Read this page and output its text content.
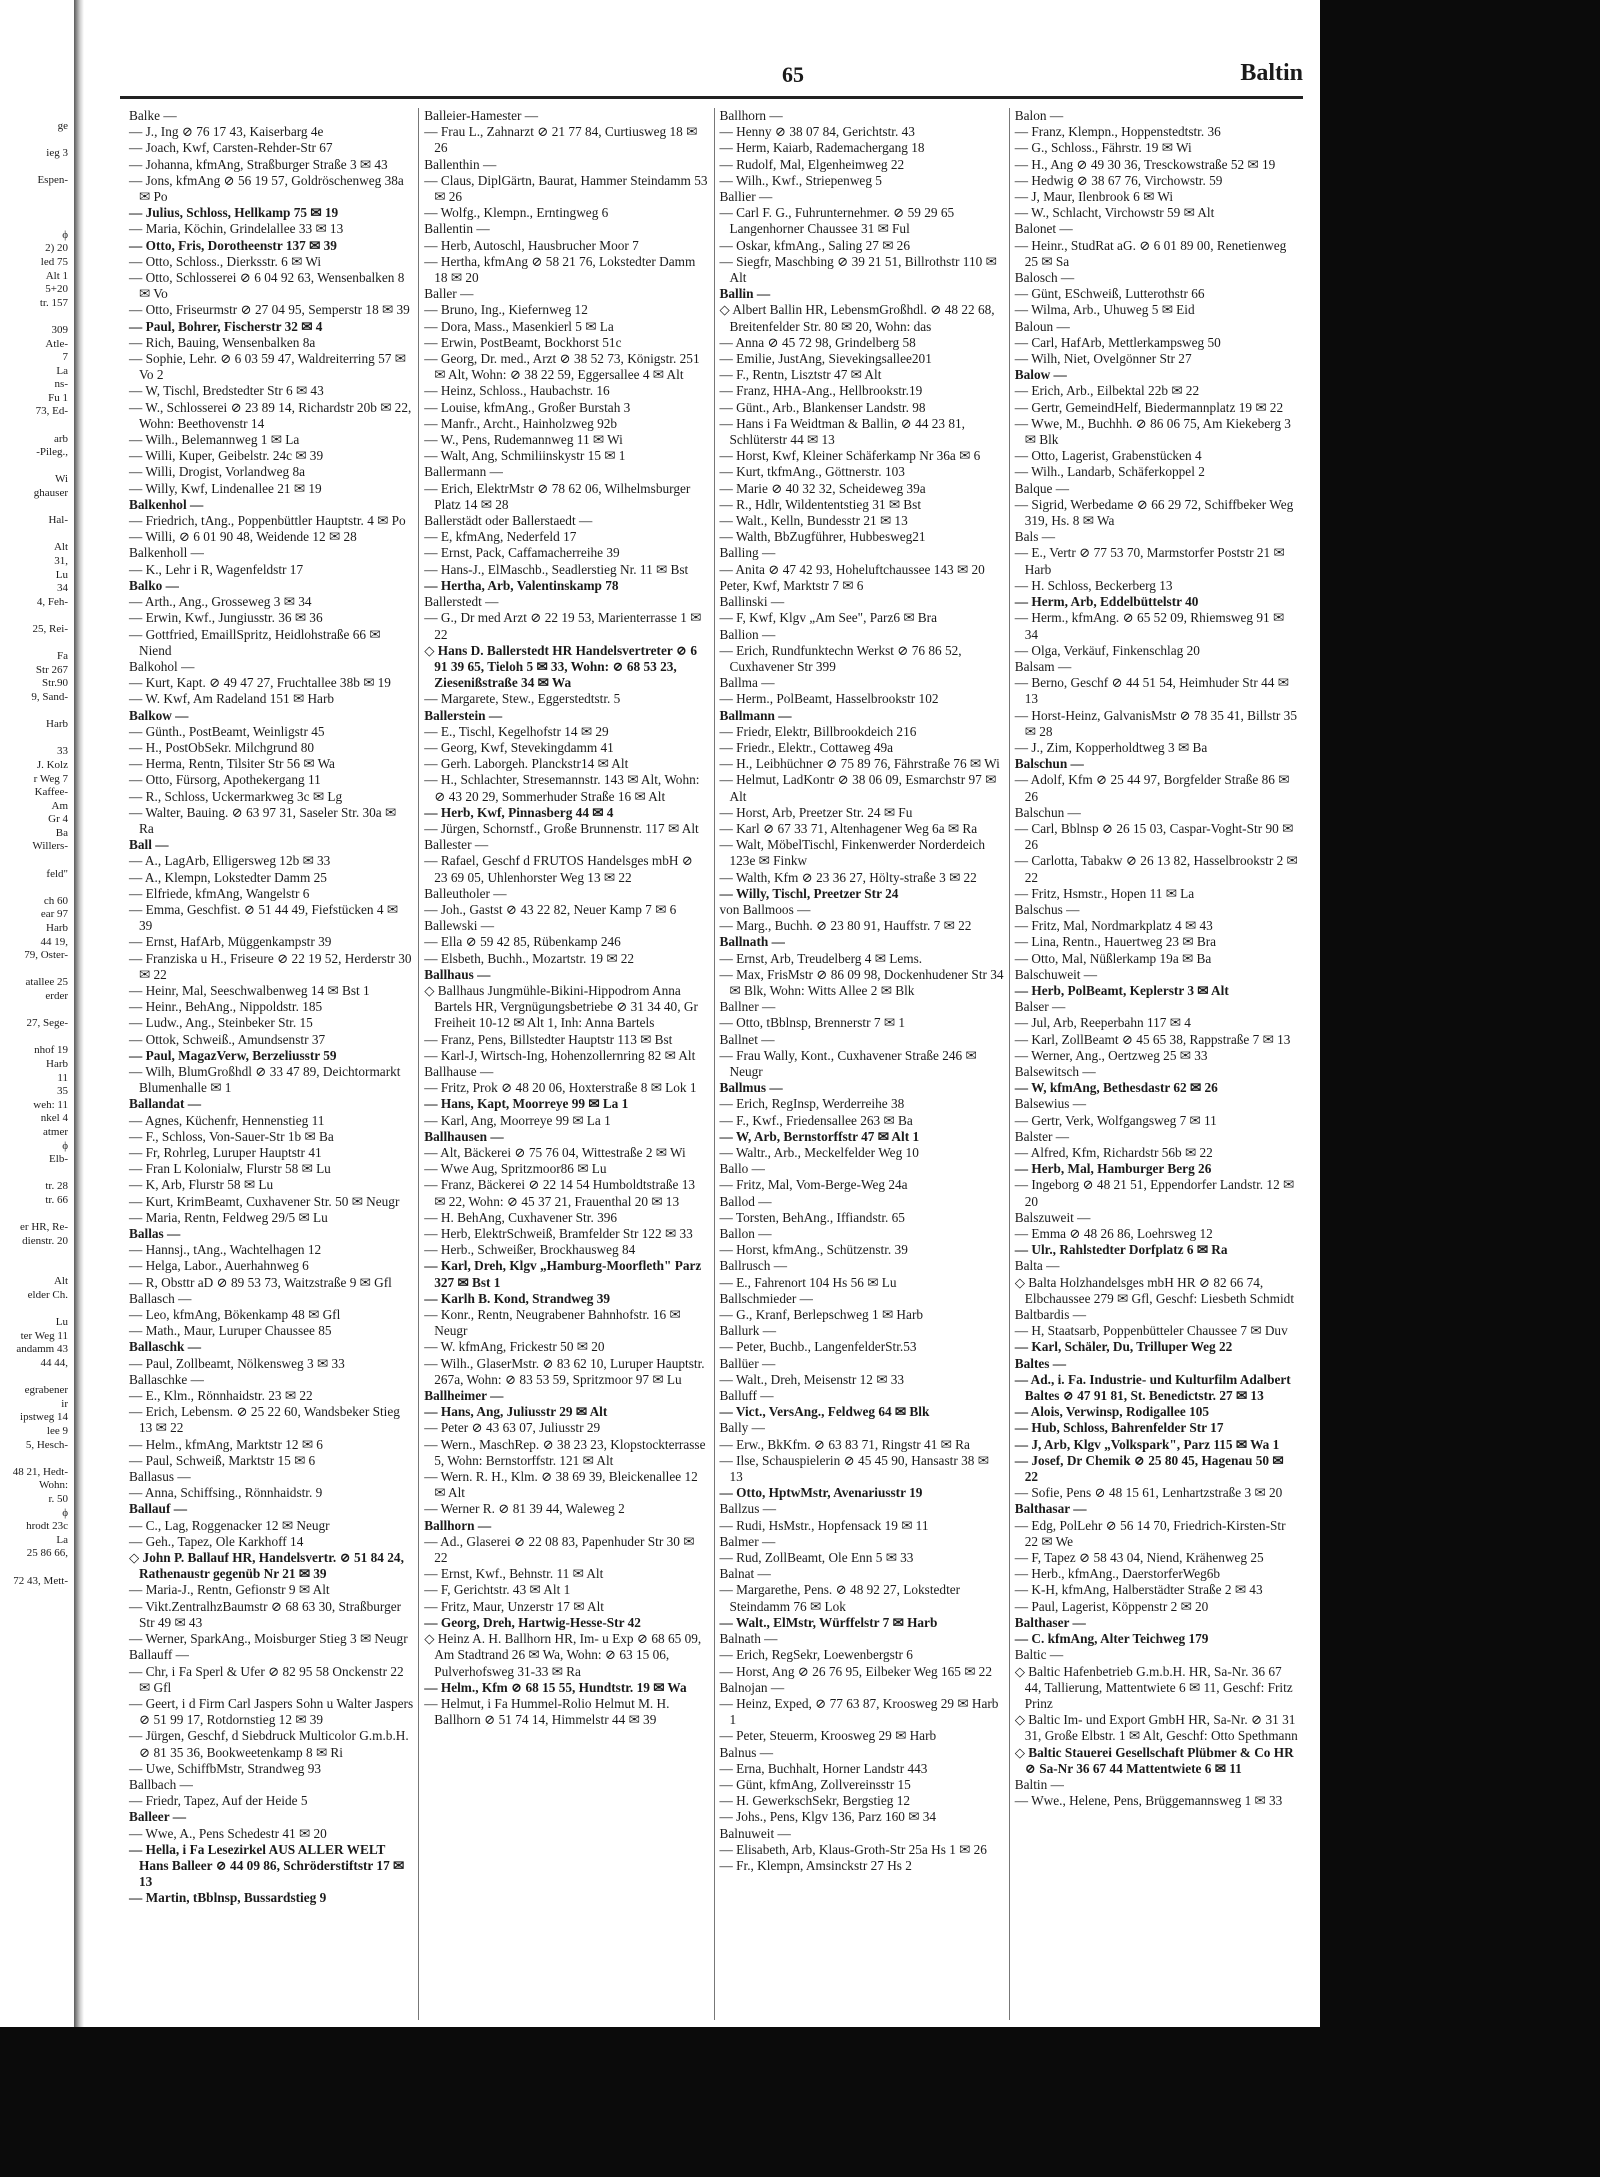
ge

ieg 3

Espen-

ϕ
2) 20
led 75
Alt 1
5+20
tr. 157

309
Atle-
7
La
ns-
Fu 1
73, Ed-

arb
-Pileg.,

Wi
ghauser

Hal-

Alt
31,
Lu
34
4, Feh-

25, Rei-

Fa
Str 267
Str.90
9, Sand-

Harb

33
J. Kolz
r Weg 7
Kaffee-
Am
Gr 4
Ba
Willers-

feld"

ch 60
ear 97
Harb
44 19,
79, Oster-

atallee 25
erder

27, Sege-

nhof 19
Harb
11
35
weh: 11
nkel 4
atmer
ϕ
Elb-

tr. 28
tr. 66

er HR, Re-
dienstr. 20

Alt
elder Ch.

Lu
ter Weg 11
andamm 43
44 44,

egrabener
ir
ipstweg 14
lee 9
5, Hesch-

48 21, Hedt-
Wohn:
r. 50
ϕ
hrodt 23c
La
25 86 66,

72 43, Mett-
65	Baltin
Balke —
— J., Ing ⊘ 76 17 43, Kaiserbarg 4e
— Joach, Kwf, Carsten-Rehder-Str 67
— Johanna, kfmAng, Straßburger Straße 3 ✉ 43
— Jons, kfmAng ⊘ 56 19 57, Goldröschenweg 38a ✉ Po
— Julius, Schloss, Hellkamp 75 ✉ 19
— Maria, Köchin, Grindelallee 33 ✉ 13
— Otto, Fris, Dorotheenstr 137 ✉ 39
— Otto, Schloss., Dierksstr. 6 ✉ Wi
— Otto, Schlosserei ⊘ 6 04 92 63, Wensenbalken 8 ✉ Vo
— Otto, Friseurmstr ⊘ 27 04 95, Semperstr 18 ✉ 39
— Paul, Bohrer, Fischerstr 32 ✉ 4
— Rich, Bauing, Wensenbalken 8a
— Sophie, Lehr. ⊘ 6 03 59 47, Waldreiterring 57 ✉ Vo 2
— W, Tischl, Bredstedter Str 6 ✉ 43
— W., Schlosserei ⊘ 23 89 14, Richardstr 20b ✉ 22, Wohn: Beethovenstr 14
— Wilh., Belemannweg 1 ✉ La
— Willi, Kuper, Geibelstr. 24c ✉ 39
— Willi, Drogist, Vorlandweg 8a
— Willy, Kwf, Lindenallee 21 ✉ 19
Balkenhol —
— Friedrich, tAng., Poppenbüttler Hauptstr. 4 ✉ Po
— Willi, ⊘ 6 01 90 48, Weidende 12 ✉ 28
Balkenholl —
— K., Lehr i R, Wagenfeldstr 17
Balko —
— Arth., Ang., Grosseweg 3 ✉ 34
— Erwin, Kwf., Jungiusstr. 36 ✉ 36
— Gottfried, EmaillSpritz, Heidlohstraße 66 ✉ Niend
Balkohol —
— Kurt, Kapt. ⊘ 49 47 27, Fruchtallee 38b ✉ 19
— W. Kwf, Am Radeland 151 ✉ Harb
Balkow —
— Günth., PostBeamt, Weinligstr 45
— H., PostObSekr. Milchgrund 80
— Herma, Rentn, Tilsiter Str 56 ✉ Wa
— Otto, Fürsorg, Apothekergang 11
— R., Schloss, Uckermarkweg 3c ✉ Lg
— Walter, Bauing. ⊘ 63 97 31, Saseler Str. 30a ✉ Ra
Ball —
— A., LagArb, Elligersweg 12b ✉ 33
— A., Klempn, Lokstedter Damm 25
— Elfriede, kfmAng, Wangelstr 6
— Emma, Geschfist. ⊘ 51 44 49, Fiefstücken 4 ✉ 39
— Ernst, HafArb, Müggenkampstr 39
— Franziska u H., Friseure ⊘ 22 19 52, Herderstr 30 ✉ 22
— Heinr, Mal, Seeschwalbenweg 14 ✉ Bst 1
— Heinr., BehAng., Nippoldstr. 185
— Ludw., Ang., Steinbeker Str. 15
— Ottok, Schweiß., Amundsenstr 37
— Paul, MagazVerw, Berzeliusstr 59
— Wilh, BlumGroßhdl ⊘ 33 47 89, Deichtormarkt Blumenhalle ✉ 1
Ballandat —
— Agnes, Küchenfr, Hennenstieg 11
— F., Schloss, Von-Sauer-Str 1b ✉ Ba
— Fr, Rohrleg, Luruper Hauptstr 41
— Fran L Kolonialw, Flurstr 58 ✉ Lu
— K, Arb, Flurstr 58 ✉ Lu
— Kurt, KrimBeamt, Cuxhavener Str. 50 ✉ Neugr
— Maria, Rentn, Feldweg 29/5 ✉ Lu
Ballas —
— Hannsj., tAng., Wachtelhagen 12
— Helga, Labor., Auerhahnweg 6
— R, Obsttr aD ⊘ 89 53 73, Waitzstraße 9 ✉ Gfl
Ballasch —
— Leo, kfmAng, Bökenkamp 48 ✉ Gfl
— Math., Maur, Luruper Chaussee 85
Ballaschk —
— Paul, Zollbeamt, Nölkensweg 3 ✉ 33
Ballaschke —
— E., Klm., Rönnhaidstr. 23 ✉ 22
— Erich, Lebensm. ⊘ 25 22 60, Wandsbeker Stieg 13 ✉ 22
— Helm., kfmAng, Marktstr 12 ✉ 6
— Paul, Schweiß, Marktstr 15 ✉ 6
Ballasus —
— Anna, Schiffsing., Rönnhaidstr. 9
Ballauf —
— C., Lag, Roggenacker 12 ✉ Neugr
— Geh., Tapez, Ole Karkhoff 14
◇ John P. Ballauf HR, Handelsvertr. ⊘ 51 84 24, Rathenaustr gegenüb Nr 21 ✉ 39
— Maria-J., Rentn, Gefionstr 9 ✉ Alt
— Vikt.ZentralhzBaumstr ⊘ 68 63 30, Straßburger Str 49 ✉ 43
— Werner, SparkAng., Moisburger Stieg 3 ✉ Neugr
Ballauff —
— Chr, i Fa Sperl & Ufer ⊘ 82 95 58 Onckenstr 22 ✉ Gfl
— Geert, i d Firm Carl Jaspers Sohn u Walter Jaspers ⊘ 51 99 17, Rotdornstieg 12 ✉ 39
— Jürgen, Geschf, d Siebdruck Multicolor G.m.b.H. ⊘ 81 35 36, Bookweetenkamp 8 ✉ Ri
— Uwe, SchiffbMstr, Strandweg 93
Ballbach —
— Friedr, Tapez, Auf der Heide 5
Balleer —
— Wwe, A., Pens Schedestr 41 ✉ 20
— Hella, i Fa Lesezirkel AUS ALLER WELT Hans Balleer ⊘ 44 09 86, Schröderstiftstr 17 ✉ 13
— Martin, tBblnsp, Bussardstieg 9
Balleier-Hamester —
— Frau L., Zahnarzt ⊘ 21 77 84, Curtiusweg 18 ✉ 26
Ballenthin —
— Claus, DiplGärtn, Baurat, Hammer Steindamm 53 ✉ 26
— Wolfg., Klempn., Erntingweg 6
Ballentin —
— Herb, Autoschl, Hausbrucher Moor 7
— Hertha, kfmAng ⊘ 58 21 76, Lokstedter Damm 18 ✉ 20
Baller —
— Bruno, Ing., Kiefernweg 12
— Dora, Mass., Masenkierl 5 ✉ La
— Erwin, PostBeamt, Bockhorst 51c
— Georg, Dr. med., Arzt ⊘ 38 52 73, Königstr. 251 ✉ Alt, Wohn: ⊘ 38 22 59, Eggersallee 4 ✉ Alt
— Heinz, Schloss., Haubachstr. 16
— Louise, kfmAng., Großer Burstah 3
— Manfr., Archt., Hainholzweg 92b
— W., Pens, Rudemannweg 11 ✉ Wi
— Walt, Ang, Schmiliinskystr 15 ✉ 1
Ballermann —
— Erich, ElektrMstr ⊘ 78 62 06, Wilhelmsburger Platz 14 ✉ 28
Ballerstädt oder Ballerstaedt —
— E, kfmAng, Nederfeld 17
— Ernst, Pack, Caffamacherreihe 39
— Hans-J., ElMaschb., Seadlerstieg Nr. 11 ✉ Bst
— Hertha, Arb, Valentinskamp 78
Ballerstedt —
— G., Dr med Arzt ⊘ 22 19 53, Marienterrasse 1 ✉ 22
◇ Hans D. Ballerstedt HR Handelsvertreter ⊘ 6 91 39 65, Tieloh 5 ✉ 33, Wohn: ⊘ 68 53 23, Ziesenißstraße 34 ✉ Wa
— Margarete, Stew., Eggerstedtstr. 5
Ballerstein —
— E., Tischl, Kegelhofstr 14 ✉ 29
— Georg, Kwf, Stevekingdamm 41
— Gerh. Laborgeh. Planckstr14 ✉ Alt
— H., Schlachter, Stresemannstr. 143 ✉ Alt, Wohn: ⊘ 43 20 29, Sommerhuder Straße 16 ✉ Alt
— Herb, Kwf, Pinnasberg 44 ✉ 4
— Jürgen, Schornstf., Große Brunnenstr. 117 ✉ Alt
Ballester —
— Rafael, Geschf d FRUTOS Handelsges mbH ⊘ 23 69 05, Uhlenhorster Weg 13 ✉ 22
Balleutholer —
— Joh., Gastst ⊘ 43 22 82, Neuer Kamp 7 ✉ 6
Ballewski —
— Ella ⊘ 59 42 85, Rübenkamp 246
— Elsbeth, Buchh., Mozartstr. 19 ✉ 22
Ballhaus —
◇ Ballhaus Jungmühle-Bikini-Hippodrom Anna Bartels HR, Vergnügungsbetriebe ⊘ 31 34 40, Gr Freiheit 10-12 ✉ Alt 1, Inh: Anna Bartels
— Franz, Pens, Billstedter Hauptstr 113 ✉ Bst
— Karl-J, Wirtsch-Ing, Hohenzollernring 82 ✉ Alt
Ballhause —
— Fritz, Prok ⊘ 48 20 06, Hoxterstraße 8 ✉ Lok 1
— Hans, Kapt, Moorreye 99 ✉ La 1
— Karl, Ang, Moorreye 99 ✉ La 1
Ballhausen —
— Alt, Bäckerei ⊘ 75 76 04, Wittestraße 2 ✉ Wi
— Wwe Aug, Spritzmoor86 ✉ Lu
— Franz, Bäckerei ⊘ 22 14 54 Humboldtstraße 13 ✉ 22, Wohn: ⊘ 45 37 21, Frauenthal 20 ✉ 13
— H. BehAng, Cuxhavener Str. 396
— Herb, ElektrSchweiß, Bramfelder Str 122 ✉ 33
— Herb., Schweißer, Brockhausweg 84
— Karl, Dreh, Klgv „Hamburg-Moorfleth" Parz 327 ✉ Bst 1
— Karlh B. Kond, Strandweg 39
— Konr., Rentn, Neugrabener Bahnhofstr. 16 ✉ Neugr
— W. kfmAng, Frickestr 50 ✉ 20
— Wilh., GlaserMstr. ⊘ 83 62 10, Luruper Hauptstr. 267a, Wohn: ⊘ 83 53 59, Spritzmoor 97 ✉ Lu
Ballheimer —
— Hans, Ang, Juliusstr 29 ✉ Alt
— Peter ⊘ 43 63 07, Juliusstr 29
— Wern., MaschRep. ⊘ 38 23 23, Klopstockterrasse 5, Wohn: Bernstorffstr. 121 ✉ Alt
— Wern. R. H., Klm. ⊘ 38 69 39, Bleickenallee 12 ✉ Alt
— Werner R. ⊘ 81 39 44, Waleweg 2
Ballhorn —
— Ad., Glaserei ⊘ 22 08 83, Papenhuder Str 30 ✉ 22
— Ernst, Kwf., Behnstr. 11 ✉ Alt
— F, Gerichtstr. 43 ✉ Alt 1
— Fritz, Maur, Unzerstr 17 ✉ Alt
— Georg, Dreh, Hartwig-Hesse-Str 42
◇ Heinz A. H. Ballhorn HR, Im- u Exp ⊘ 68 65 09, Am Stadtrand 26 ✉ Wa, Wohn: ⊘ 63 15 06, Pulverhofsweg 31-33 ✉ Ra
— Helm., Kfm ⊘ 68 15 55, Hundtstr. 19 ✉ Wa
— Helmut, i Fa Hummel-Rolio Helmut M. H. Ballhorn ⊘ 51 74 14, Himmelstr 44 ✉ 39
Ballhorn —
— Henny ⊘ 38 07 84, Gerichtstr. 43
— Herm, Kaiarb, Rademachergang 18
— Rudolf, Mal, Elgenheimweg 22
— Wilh., Kwf., Striepenweg 5
Ballier —
— Carl F. G., Fuhrunternehmer. ⊘ 59 29 65 Langenhorner Chaussee 31 ✉ Ful
— Oskar, kfmAng., Saling 27 ✉ 26
— Siegfr, Maschbing ⊘ 39 21 51, Billrothstr 110 ✉ Alt
Ballin —
◇ Albert Ballin HR, LebensmGroßhdl. ⊘ 48 22 68, Breitenfelder Str. 80 ✉ 20, Wohn: das
— Anna ⊘ 45 72 98, Grindelberg 58
— Emilie, JustAng, Sievekingsallee201
— F., Rentn, Lisztstr 47 ✉ Alt
— Franz, HHA-Ang., Hellbrookstr.19
— Günt., Arb., Blankenser Landstr. 98
— Hans i Fa Weidtman & Ballin, ⊘ 44 23 81, Schlüterstr 44 ✉ 13
— Horst, Kwf, Kleiner Schäferkamp Nr 36a ✉ 6
— Kurt, tkfmAng., Göttnerstr. 103
— Marie ⊘ 40 32 32, Scheideweg 39a
— R., Hdlr, Wildententstieg 31 ✉ Bst
— Walt., Kelln, Bundesstr 21 ✉ 13
— Walth, BbZugführer, Hubbesweg21
Balling —
— Anita ⊘ 47 42 93, Hoheluftchaussee 143 ✉ 20
Peter, Kwf, Marktstr 7 ✉ 6
Ballinski —
— F, Kwf, Klgv „Am See", Parz6 ✉ Bra
Ballion —
— Erich, Rundfunktechn Werkst ⊘ 76 86 52, Cuxhavener Str 399
Ballma —
— Herm., PolBeamt, Hasselbrookstr 102
Ballmann —
— Friedr, Elektr, Billbrookdeich 216
— Friedr., Elektr., Cottaweg 49a
— H., Leibhüchner ⊘ 75 89 76, Fährstraße 76 ✉ Wi
— Helmut, LadKontr ⊘ 38 06 09, Esmarchstr 97 ✉ Alt
— Horst, Arb, Preetzer Str. 24 ✉ Fu
— Karl ⊘ 67 33 71, Altenhagener Weg 6a ✉ Ra
— Walt, MöbelTischl, Finkenwerder Norderdeich 123e ✉ Finkw
— Walth, Kfm ⊘ 23 36 27, Hölty-straße 3 ✉ 22
— Willy, Tischl, Preetzer Str 24
von Ballmoos —
— Marg., Buchh. ⊘ 23 80 91, Hauffstr. 7 ✉ 22
Ballnath —
— Ernst, Arb, Treudelberg 4 ✉ Lems.
— Max, FrisMstr ⊘ 86 09 98, Dockenhudener Str 34 ✉ Blk, Wohn: Witts Allee 2 ✉ Blk
Ballner —
— Otto, tBblnsp, Brennerstr 7 ✉ 1
Ballnet —
— Frau Wally, Kont., Cuxhavener Straße 246 ✉ Neugr
Ballmus —
— Erich, RegInsp, Werderreihe 38
— F., Kwf., Friedensallee 263 ✉ Ba
— W, Arb, Bernstorffstr 47 ✉ Alt 1
— Waltr., Arb., Meckelfelder Weg 10
Ballo —
— Fritz, Mal, Vom-Berge-Weg 24a
Ballod —
— Torsten, BehAng., Iffiandstr. 65
Ballon —
— Horst, kfmAng., Schützenstr. 39
Ballrusch —
— E., Fahrenort 104 Hs 56 ✉ Lu
Ballschmieder —
— G., Kranf, Berlepschweg 1 ✉ Harb
Ballurk —
— Peter, Buchb., LangenfelderStr.53
Ballüer —
— Walt., Dreh, Meisenstr 12 ✉ 33
Balluff —
— Vict., VersAng., Feldweg 64 ✉ Blk
Bally —
— Erw., BkKfm. ⊘ 63 83 71, Ringstr 41 ✉ Ra
— Ilse, Schauspielerin ⊘ 45 45 90, Hansastr 38 ✉ 13
— Otto, HptwMstr, Avenariusstr 19
Ballzus —
— Rudi, HsMstr., Hopfensack 19 ✉ 11
Balmer —
— Rud, ZollBeamt, Ole Enn 5 ✉ 33
Balnat —
— Margarethe, Pens. ⊘ 48 92 27, Lokstedter Steindamm 76 ✉ Lok
— Walt., ElMstr, Würffelstr 7 ✉ Harb
Balnath —
— Erich, RegSekr, Loewenbergstr 6
— Horst, Ang ⊘ 26 76 95, Eilbeker Weg 165 ✉ 22
Balnojan —
— Heinz, Exped, ⊘ 77 63 87, Kroosweg 29 ✉ Harb 1
— Peter, Steuerm, Kroosweg 29 ✉ Harb
Balnus —
— Erna, Buchhalt, Horner Landstr 443
— Günt, kfmAng, Zollvereinsstr 15
— H. GewerkschSekr, Bergstieg 12
— Johs., Pens, Klgv 136, Parz 160 ✉ 34
Balnuweit —
— Elisabeth, Arb, Klaus-Groth-Str 25a Hs 1 ✉ 26
— Fr., Klempn, Amsinckstr 27 Hs 2
Balon —
— Franz, Klempn., Hoppenstedtstr. 36
— G., Schloss., Fährstr. 19 ✉ Wi
— H., Ang ⊘ 49 30 36, Tresckowstraße 52 ✉ 19
— Hedwig ⊘ 38 67 76, Virchowstr. 59
— J, Maur, Ilenbrook 6 ✉ Wi
— W., Schlacht, Virchowstr 59 ✉ Alt
Balonet —
— Heinr., StudRat aG. ⊘ 6 01 89 00, Renetienweg 25 ✉ Sa
Balosch —
— Günt, ESchweiß, Lutterothstr 66
— Wilma, Arb., Uhuweg 5 ✉ Eid
Baloun —
— Carl, HafArb, Mettlerkampsweg 50
— Wilh, Niet, Ovelgönner Str 27
Balow —
— Erich, Arb., Eilbektal 22b ✉ 22
— Gertr, GemeindHelf, Biedermannplatz 19 ✉ 22
— Wwe, M., Buchhh. ⊘ 86 06 75, Am Kiekeberg 3 ✉ Blk
— Otto, Lagerist, Grabenstücken 4
— Wilh., Landarb, Schäferkoppel 2
Balque —
— Sigrid, Werbedame ⊘ 66 29 72, Schiffbeker Weg 319, Hs. 8 ✉ Wa
Bals —
— E., Vertr ⊘ 77 53 70, Marmstorfer Poststr 21 ✉ Harb
— H. Schloss, Beckerberg 13
— Herm, Arb, Eddelbüttelstr 40
— Herm., kfmAng. ⊘ 65 52 09, Rhiemsweg 91 ✉ 34
— Olga, Verkäuf, Finkenschlag 20
Balsam —
— Berno, Geschf ⊘ 44 51 54, Heimhuder Str 44 ✉ 13
— Horst-Heinz, GalvanisMstr ⊘ 78 35 41, Billstr 35 ✉ 28
— J., Zim, Kopperholdtweg 3 ✉ Ba
Balschun —
— Adolf, Kfm ⊘ 25 44 97, Borgfelder Straße 86 ✉ 26
Balschun —
— Carl, Bblnsp ⊘ 26 15 03, Caspar-Voght-Str 90 ✉ 26
— Carlotta, Tabakw ⊘ 26 13 82, Hasselbrookstr 2 ✉ 22
— Fritz, Hsmstr., Hopen 11 ✉ La
Balschus —
— Fritz, Mal, Nordmarkplatz 4 ✉ 43
— Lina, Rentn., Hauertweg 23 ✉ Bra
— Otto, Mal, Nüßlerkamp 19a ✉ Ba
Balschuweit —
— Herb, PolBeamt, Keplerstr 3 ✉ Alt
Balser —
— Jul, Arb, Reeperbahn 117 ✉ 4
— Karl, ZollBeamt ⊘ 45 65 38, Rappstraße 7 ✉ 13
— Werner, Ang., Oertzweg 25 ✉ 33
Balsewitsch —
— W, kfmAng, Bethesdastr 62 ✉ 26
Balsewius —
— Gertr, Verk, Wolfgangsweg 7 ✉ 11
Balster —
— Alfred, Kfm, Richardstr 56b ✉ 22
— Herb, Mal, Hamburger Berg 26
— Ingeborg ⊘ 48 21 51, Eppendorfer Landstr. 12 ✉ 20
Balszuweit —
— Emma ⊘ 48 26 86, Loehrsweg 12
— Ulr., Rahlstedter Dorfplatz 6 ✉ Ra
Balta —
◇ Balta Holzhandelsges mbH HR ⊘ 82 66 74, Elbchaussee 279 ✉ Gfl, Geschf: Liesbeth Schmidt
Baltbardis —
— H, Staatsarb, Poppenbütteler Chaussee 7 ✉ Duv
— Karl, Schäler, Du, Trilluper Weg 22
Baltes —
— Ad., i. Fa. Industrie- und Kulturfilm Adalbert Baltes ⊘ 47 91 81, St. Benedictstr. 27 ✉ 13
— Alois, Verwinsp, Rodigallee 105
— Hub, Schloss, Bahrenfelder Str 17
— J, Arb, Klgv „Volkspark", Parz 115 ✉ Wa 1
— Josef, Dr Chemik ⊘ 25 80 45, Hagenau 50 ✉ 22
— Sofie, Pens ⊘ 48 15 61, Lenhartzstraße 3 ✉ 20
Balthasar —
— Edg, PolLehr ⊘ 56 14 70, Friedrich-Kirsten-Str 22 ✉ We
— F, Tapez ⊘ 58 43 04, Niend, Krähenweg 25
— Herb., kfmAng., DaerstorferWeg6b
— K-H, kfmAng, Halberstädter Straße 2 ✉ 43
— Paul, Lagerist, Köppenstr 2 ✉ 20
Balthaser —
— C. kfmAng, Alter Teichweg 179
Baltic —
◇ Baltic Hafenbetrieb G.m.b.H. HR, Sa-Nr. 36 67 44, Tallierung, Mattentwiete 6 ✉ 11, Geschf: Fritz Prinz
◇ Baltic Im- und Export GmbH HR, Sa-Nr. ⊘ 31 31 31, Große Elbstr. 1 ✉ Alt, Geschf: Otto Spethmann
◇ Baltic Stauerei Gesellschaft Plübmer & Co HR ⊘ Sa-Nr 36 67 44 Mattentwiete 6 ✉ 11
Baltin —
— Wwe., Helene, Pens, Brüggemannsweg 1 ✉ 33
